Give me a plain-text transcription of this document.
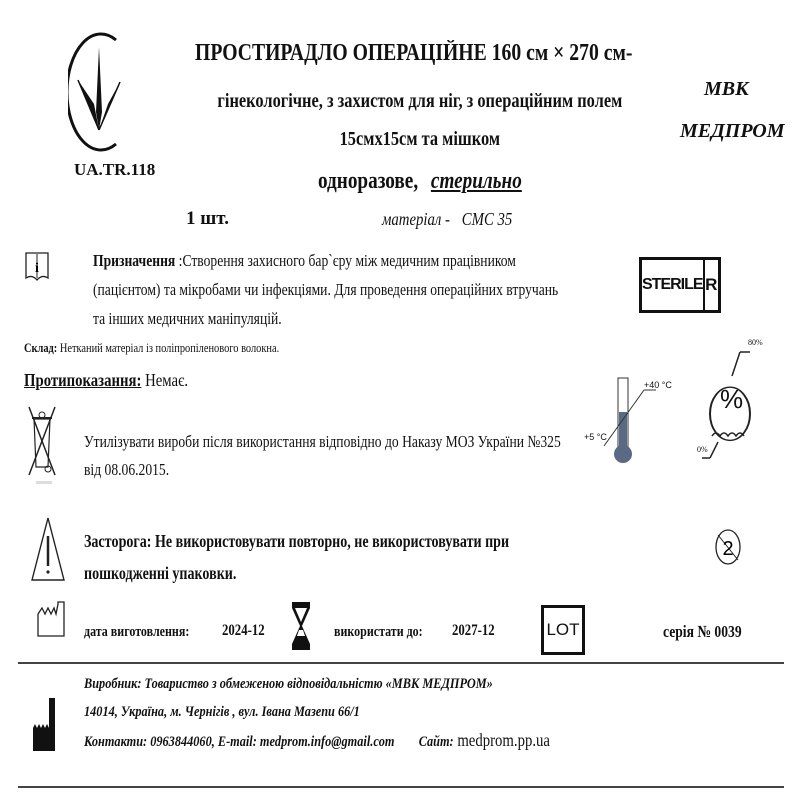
UA.TR.118
ПРОСТИРАДЛО ОПЕРАЦІЙНЕ 160 см × 270 см-
гінекологічне, з захистом для ніг, з операційним полем
15смх15см та мішком
одноразове, стерильно
1 шт.	матеріал - СМС 35
МВК
МЕДПРОМ
i	Призначення :Створення захисного бар`єру між медичним працівником
(пацієнтом) та мікробами чи інфекціями. Для проведення операційних втручань
та інших медичних маніпуляцій.
STERILE R
Склад: Нетканий матеріал із поліпропіленового волокна.
Протипоказання: Немає.	+40 °C
+5 °C
%
80%
0%
Утилізувати вироби після використання відповідно до Наказу МОЗ України №325
від 08.06.2015.
Застoрога: Не використовувати повторно, не використовувати при
пошкодженні упаковки.
2
дата виготовлення:	2024-12	використати до:	2027-12	LOT	серія № 0039
Виробник: Товариство з обмеженою відповідальністю «МВК МЕДПРОМ»
14014, Україна, м. Чернігів , вул. Івана Мазепи 66/1
Контакти: 0963844060, E-mail: medprom.info@gmail.com Сайт: medprom.pp.ua
